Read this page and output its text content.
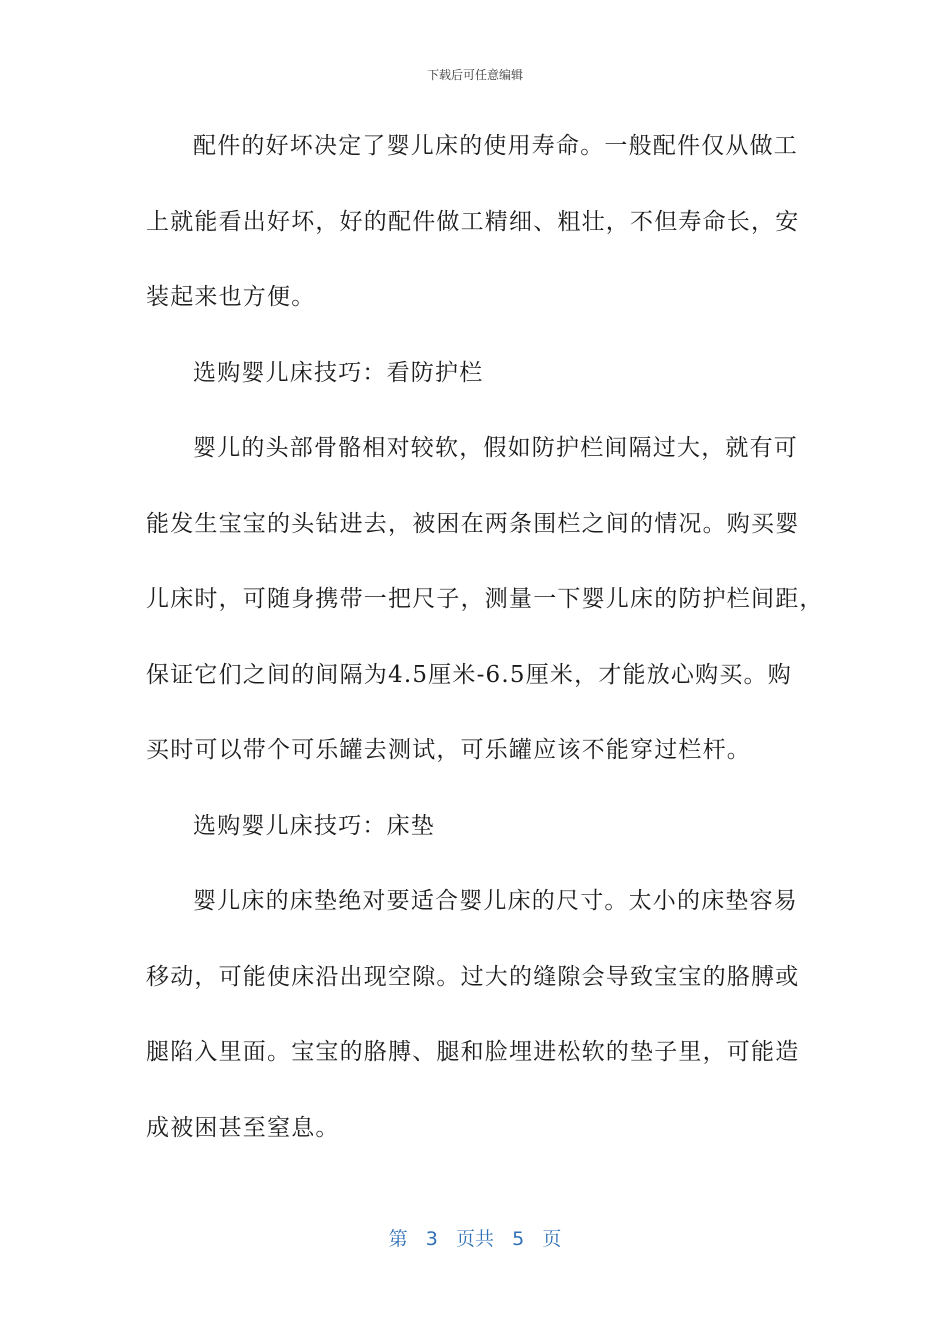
下载后可任意编辑
配件的好坏决定了婴儿床的使用寿命。一般配件仅从做工
上就能看出好坏，好的配件做工精细、粗壮，不但寿命长，安
装起来也方便。
选购婴儿床技巧：看防护栏
婴儿的头部骨骼相对较软，假如防护栏间隔过大，就有可
能发生宝宝的头钻进去，被困在两条围栏之间的情况。购买婴
儿床时，可随身携带一把尺子，测量一下婴儿床的防护栏间距，
保证它们之间的间隔为4.5厘米-6.5厘米，才能放心购买。购
买时可以带个可乐罐去测试，可乐罐应该不能穿过栏杆。
选购婴儿床技巧：床垫
婴儿床的床垫绝对要适合婴儿床的尺寸。太小的床垫容易
移动，可能使床沿出现空隙。过大的缝隙会导致宝宝的胳膊或
腿陷入里面。宝宝的胳膊、腿和脸埋进松软的垫子里，可能造
成被困甚至窒息。
第 3 页共 5 页
